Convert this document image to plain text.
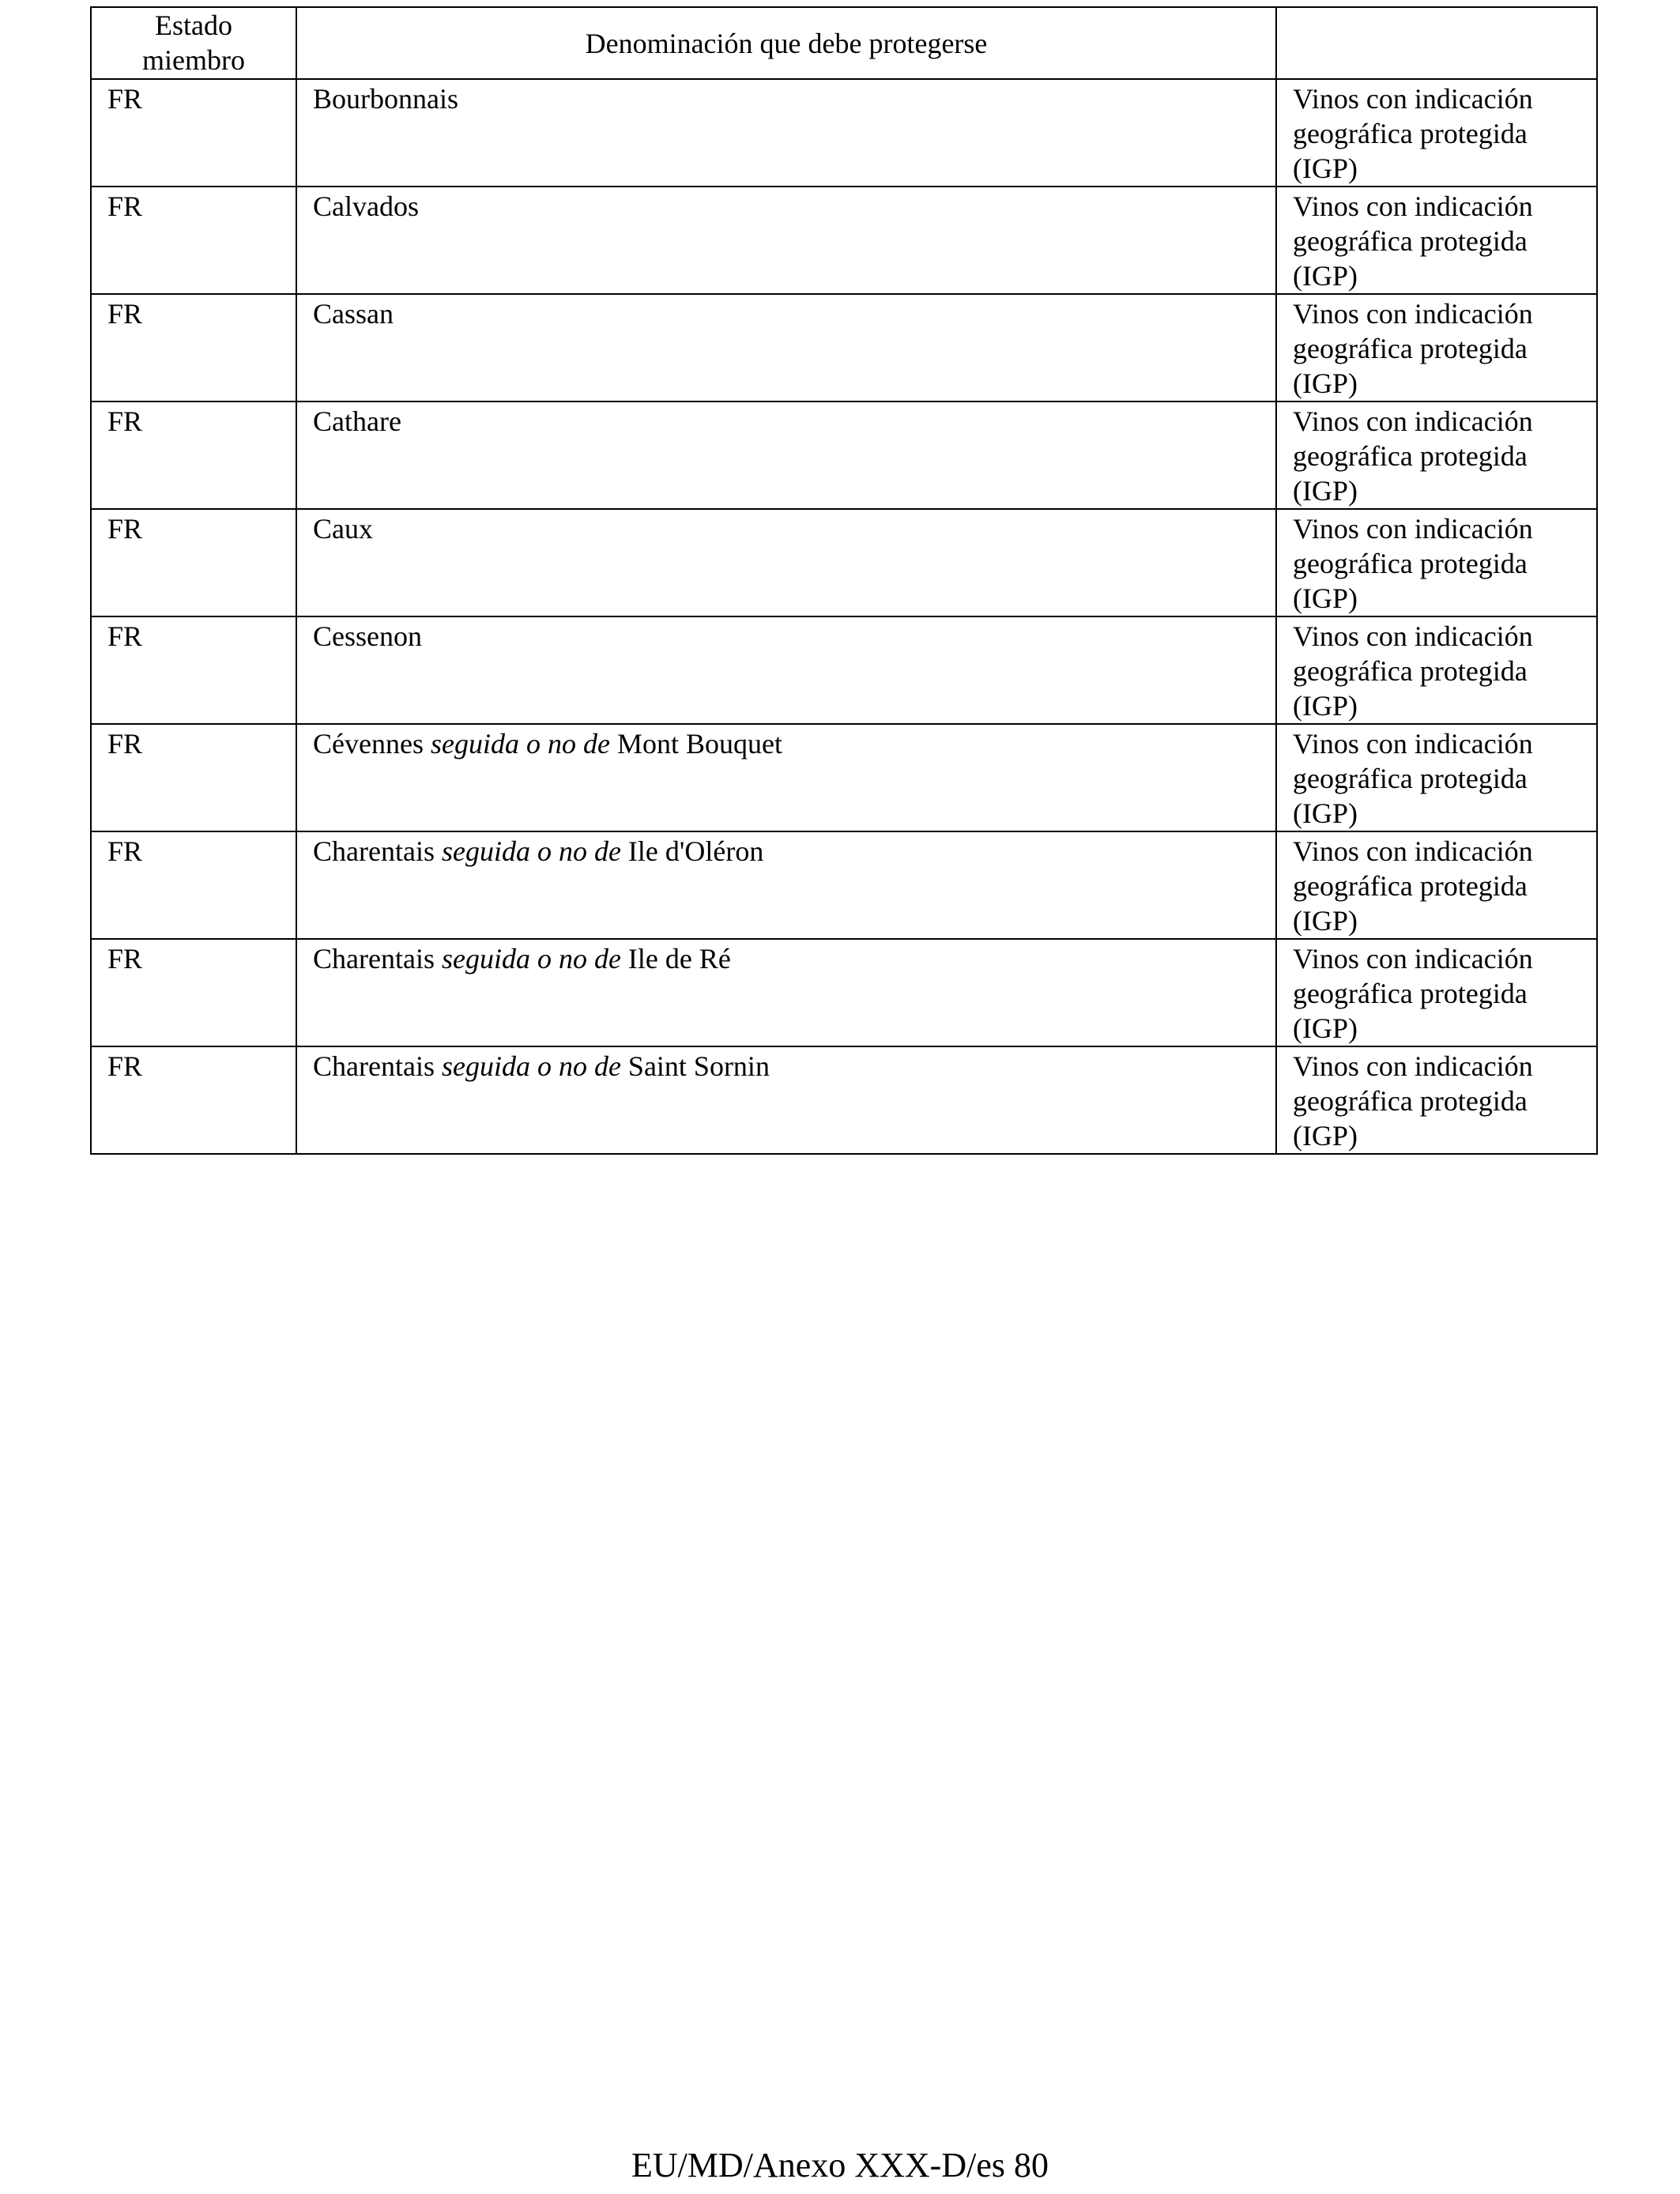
Estado
miembro	Denominación que debe protegerse	
FR	Bourbonnais	Vinos con indicación
geográfica protegida
(IGP)

FR	Calvados	Vinos con indicación
geográfica protegida
(IGP)

FR	Cassan	Vinos con indicación
geográfica protegida
(IGP)

FR	Cathare	Vinos con indicación
geográfica protegida
(IGP)

FR	Caux	Vinos con indicación
geográfica protegida
(IGP)

FR	Cessenon	Vinos con indicación
geográfica protegida
(IGP)

FR	Cévennes seguida o no de Mont Bouquet	Vinos con indicación
geográfica protegida
(IGP)

FR	Charentais seguida o no de Ile d'Oléron	Vinos con indicación
geográfica protegida
(IGP)

FR	Charentais seguida o no de Ile de Ré	Vinos con indicación
geográfica protegida
(IGP)

FR	Charentais seguida o no de Saint Sornin	Vinos con indicación
geográfica protegida
(IGP)
EU/MD/Anexo XXX-D/es 80
